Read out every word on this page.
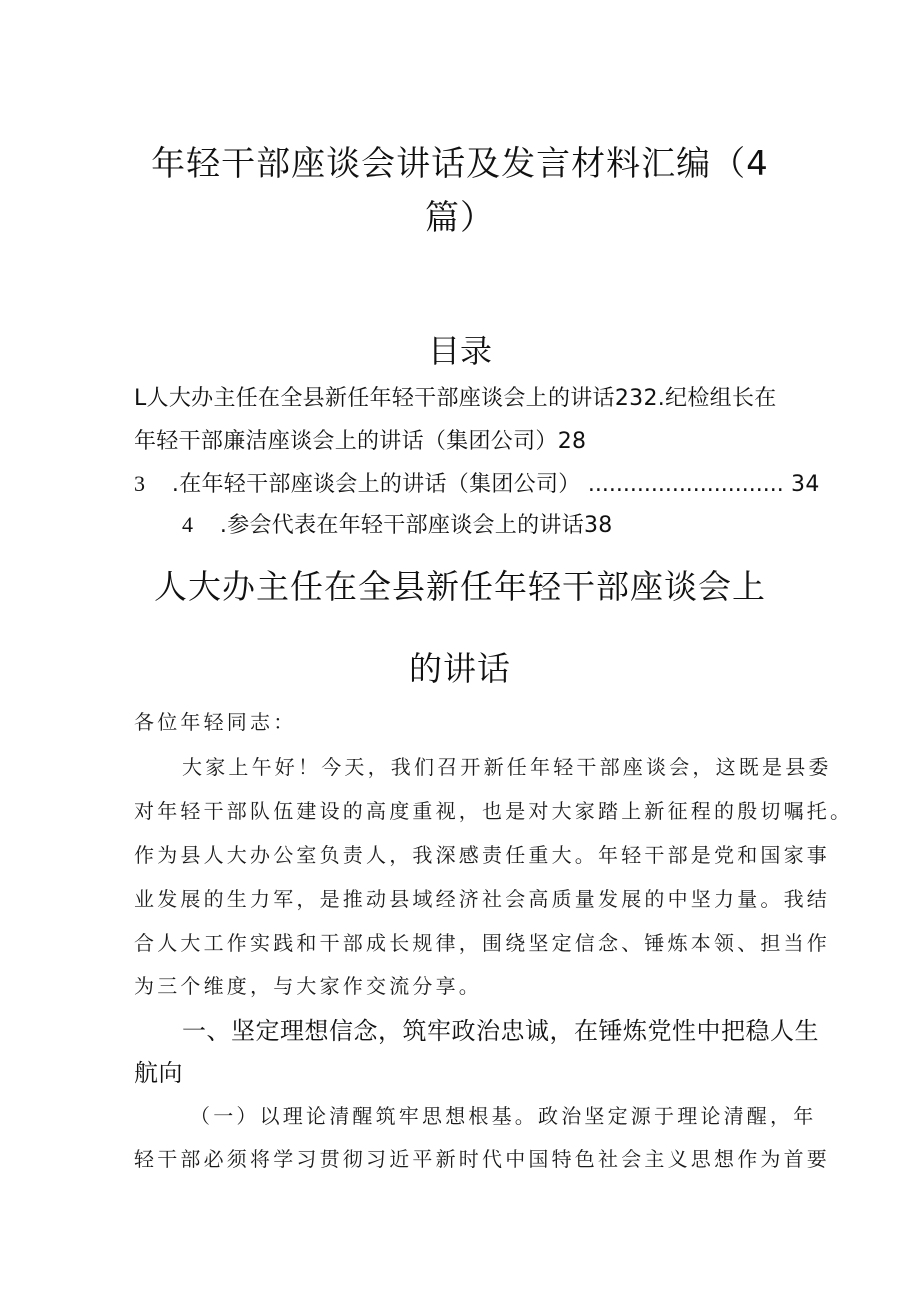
年轻干部座谈会讲话及发言材料汇编（4
篇）
目录
L人大办主任在全县新任年轻干部座谈会上的讲话232.纪检组长在
年轻干部廉洁座谈会上的讲话（集团公司）28
3 .在年轻干部座谈会上的讲话（集团公司） ............................ 34
4 .参会代表在年轻干部座谈会上的讲话38
人大办主任在全县新任年轻干部座谈会上
的讲话
各位年轻同志：
大家上午好！今天，我们召开新任年轻干部座谈会，这既是县委
对年轻干部队伍建设的高度重视，也是对大家踏上新征程的殷切嘱托。
作为县人大办公室负责人，我深感责任重大。年轻干部是党和国家事
业发展的生力军，是推动县域经济社会高质量发展的中坚力量。我结
合人大工作实践和干部成长规律，围绕坚定信念、锤炼本领、担当作
为三个维度，与大家作交流分享。
一、坚定理想信念，筑牢政治忠诚，在锤炼党性中把稳人生
航向
（一）以理论清醒筑牢思想根基。政治坚定源于理论清醒，年
轻干部必须将学习贯彻习近平新时代中国特色社会主义思想作为首要
